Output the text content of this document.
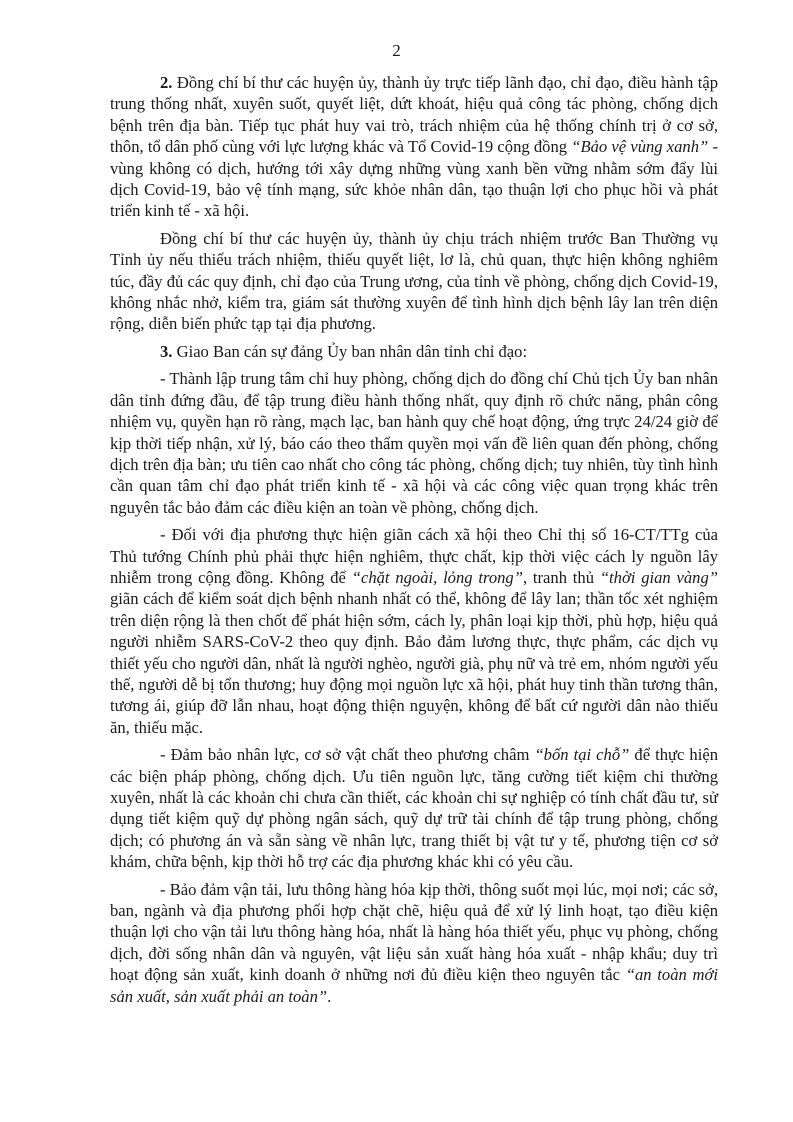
2

2. Đồng chí bí thư các huyện ủy, thành ủy trực tiếp lãnh đạo, chỉ đạo, điều hành tập trung thống nhất, xuyên suốt, quyết liệt, dứt khoát, hiệu quả công tác phòng, chống dịch bệnh trên địa bàn. Tiếp tục phát huy vai trò, trách nhiệm của hệ thống chính trị ở cơ sở, thôn, tổ dân phố cùng với lực lượng khác và Tổ Covid-19 cộng đồng “Bảo vệ vùng xanh” - vùng không có dịch, hướng tới xây dựng những vùng xanh bền vững nhằm sớm đẩy lùi dịch Covid-19, bảo vệ tính mạng, sức khỏe nhân dân, tạo thuận lợi cho phục hồi và phát triển kinh tế - xã hội.

Đồng chí bí thư các huyện ủy, thành ủy chịu trách nhiệm trước Ban Thường vụ Tỉnh ủy nếu thiếu trách nhiệm, thiếu quyết liệt, lơ là, chủ quan, thực hiện không nghiêm túc, đầy đủ các quy định, chỉ đạo của Trung ương, của tỉnh về phòng, chống dịch Covid-19, không nhắc nhở, kiểm tra, giám sát thường xuyên để tình hình dịch bệnh lây lan trên diện rộng, diễn biến phức tạp tại địa phương.

3. Giao Ban cán sự đảng Ủy ban nhân dân tỉnh chỉ đạo:

- Thành lập trung tâm chỉ huy phòng, chống dịch do đồng chí Chủ tịch Ủy ban nhân dân tỉnh đứng đầu, để tập trung điều hành thống nhất, quy định rõ chức năng, phân công nhiệm vụ, quyền hạn rõ ràng, mạch lạc, ban hành quy chế hoạt động, ứng trực 24/24 giờ để kịp thời tiếp nhận, xử lý, báo cáo theo thẩm quyền mọi vấn đề liên quan đến phòng, chống dịch trên địa bàn; ưu tiên cao nhất cho công tác phòng, chống dịch; tuy nhiên, tùy tình hình cần quan tâm chỉ đạo phát triển kinh tế - xã hội và các công việc quan trọng khác trên nguyên tắc bảo đảm các điều kiện an toàn về phòng, chống dịch.

- Đối với địa phương thực hiện giãn cách xã hội theo Chỉ thị số 16-CT/TTg của Thủ tướng Chính phủ phải thực hiện nghiêm, thực chất, kịp thời việc cách ly nguồn lây nhiễm trong cộng đồng. Không để “chặt ngoài, lỏng trong”, tranh thủ “thời gian vàng” giãn cách để kiểm soát dịch bệnh nhanh nhất có thể, không để lây lan; thần tốc xét nghiệm trên diện rộng là then chốt để phát hiện sớm, cách ly, phân loại kịp thời, phù hợp, hiệu quả người nhiễm SARS-CoV-2 theo quy định. Bảo đảm lương thực, thực phẩm, các dịch vụ thiết yếu cho người dân, nhất là người nghèo, người già, phụ nữ và trẻ em, nhóm người yếu thế, người dễ bị tổn thương; huy động mọi nguồn lực xã hội, phát huy tinh thần tương thân, tương ái, giúp đỡ lẫn nhau, hoạt động thiện nguyện, không để bất cứ người dân nào thiếu ăn, thiếu mặc.

- Đảm bảo nhân lực, cơ sở vật chất theo phương châm “bốn tại chỗ” để thực hiện các biện pháp phòng, chống dịch. Ưu tiên nguồn lực, tăng cường tiết kiệm chi thường xuyên, nhất là các khoản chi chưa cần thiết, các khoản chi sự nghiệp có tính chất đầu tư, sử dụng tiết kiệm quỹ dự phòng ngân sách, quỹ dự trữ tài chính để tập trung phòng, chống dịch; có phương án và sẵn sàng về nhân lực, trang thiết bị vật tư y tế, phương tiện cơ sở khám, chữa bệnh, kịp thời hỗ trợ các địa phương khác khi có yêu cầu.

- Bảo đảm vận tải, lưu thông hàng hóa kịp thời, thông suốt mọi lúc, mọi nơi; các sở, ban, ngành và địa phương phối hợp chặt chẽ, hiệu quả để xử lý linh hoạt, tạo điều kiện thuận lợi cho vận tải lưu thông hàng hóa, nhất là hàng hóa thiết yếu, phục vụ phòng, chống dịch, đời sống nhân dân và nguyên, vật liệu sản xuất hàng hóa xuất - nhập khẩu; duy trì hoạt động sản xuất, kinh doanh ở những nơi đủ điều kiện theo nguyên tắc “an toàn mới sản xuất, sản xuất phải an toàn”.
